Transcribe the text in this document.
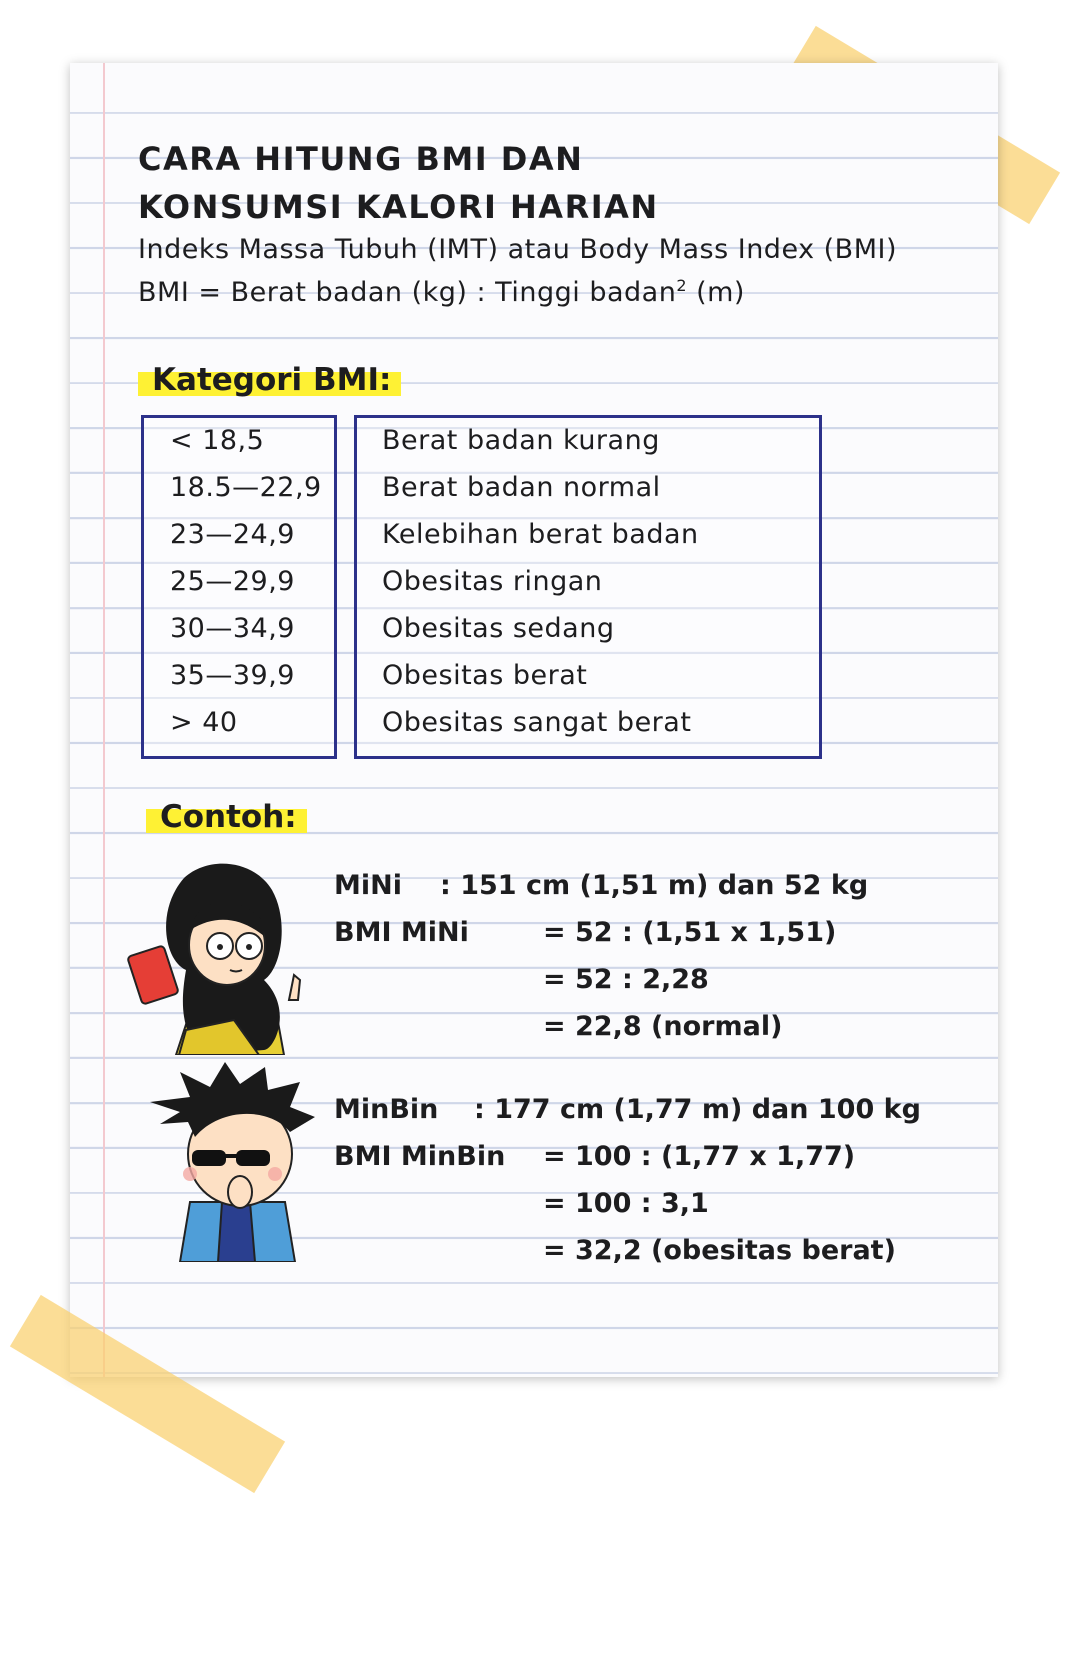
CARA HITUNG BMI DAN
KONSUMSI KALORI HARIAN
Indeks Massa Tubuh (IMT) atau Body Mass Index (BMI)
BMI = Berat badan (kg) : Tinggi badan$^2$ (m)
Kategori BMI:
< 18,5
18.5—22,9
23—24,9
25—29,9
30—34,9
35—39,9
> 40
Berat badan kurang
Berat badan normal
Kelebihan berat badan
Obesitas ringan
Obesitas sedang
Obesitas berat
Obesitas sangat berat
Contoh:
MiNi : 151 cm (1,51 m) dan 52 kg
BMI MiNi	= 52 : (1,51 x 1,51)
= 52 : 2,28
= 22,8 (normal)
MinBin : 177 cm (1,77 m) dan 100 kg
BMI MinBin = 100 : (1,77 x 1,77)
= 100 : 3,1
= 32,2 (obesitas berat)
